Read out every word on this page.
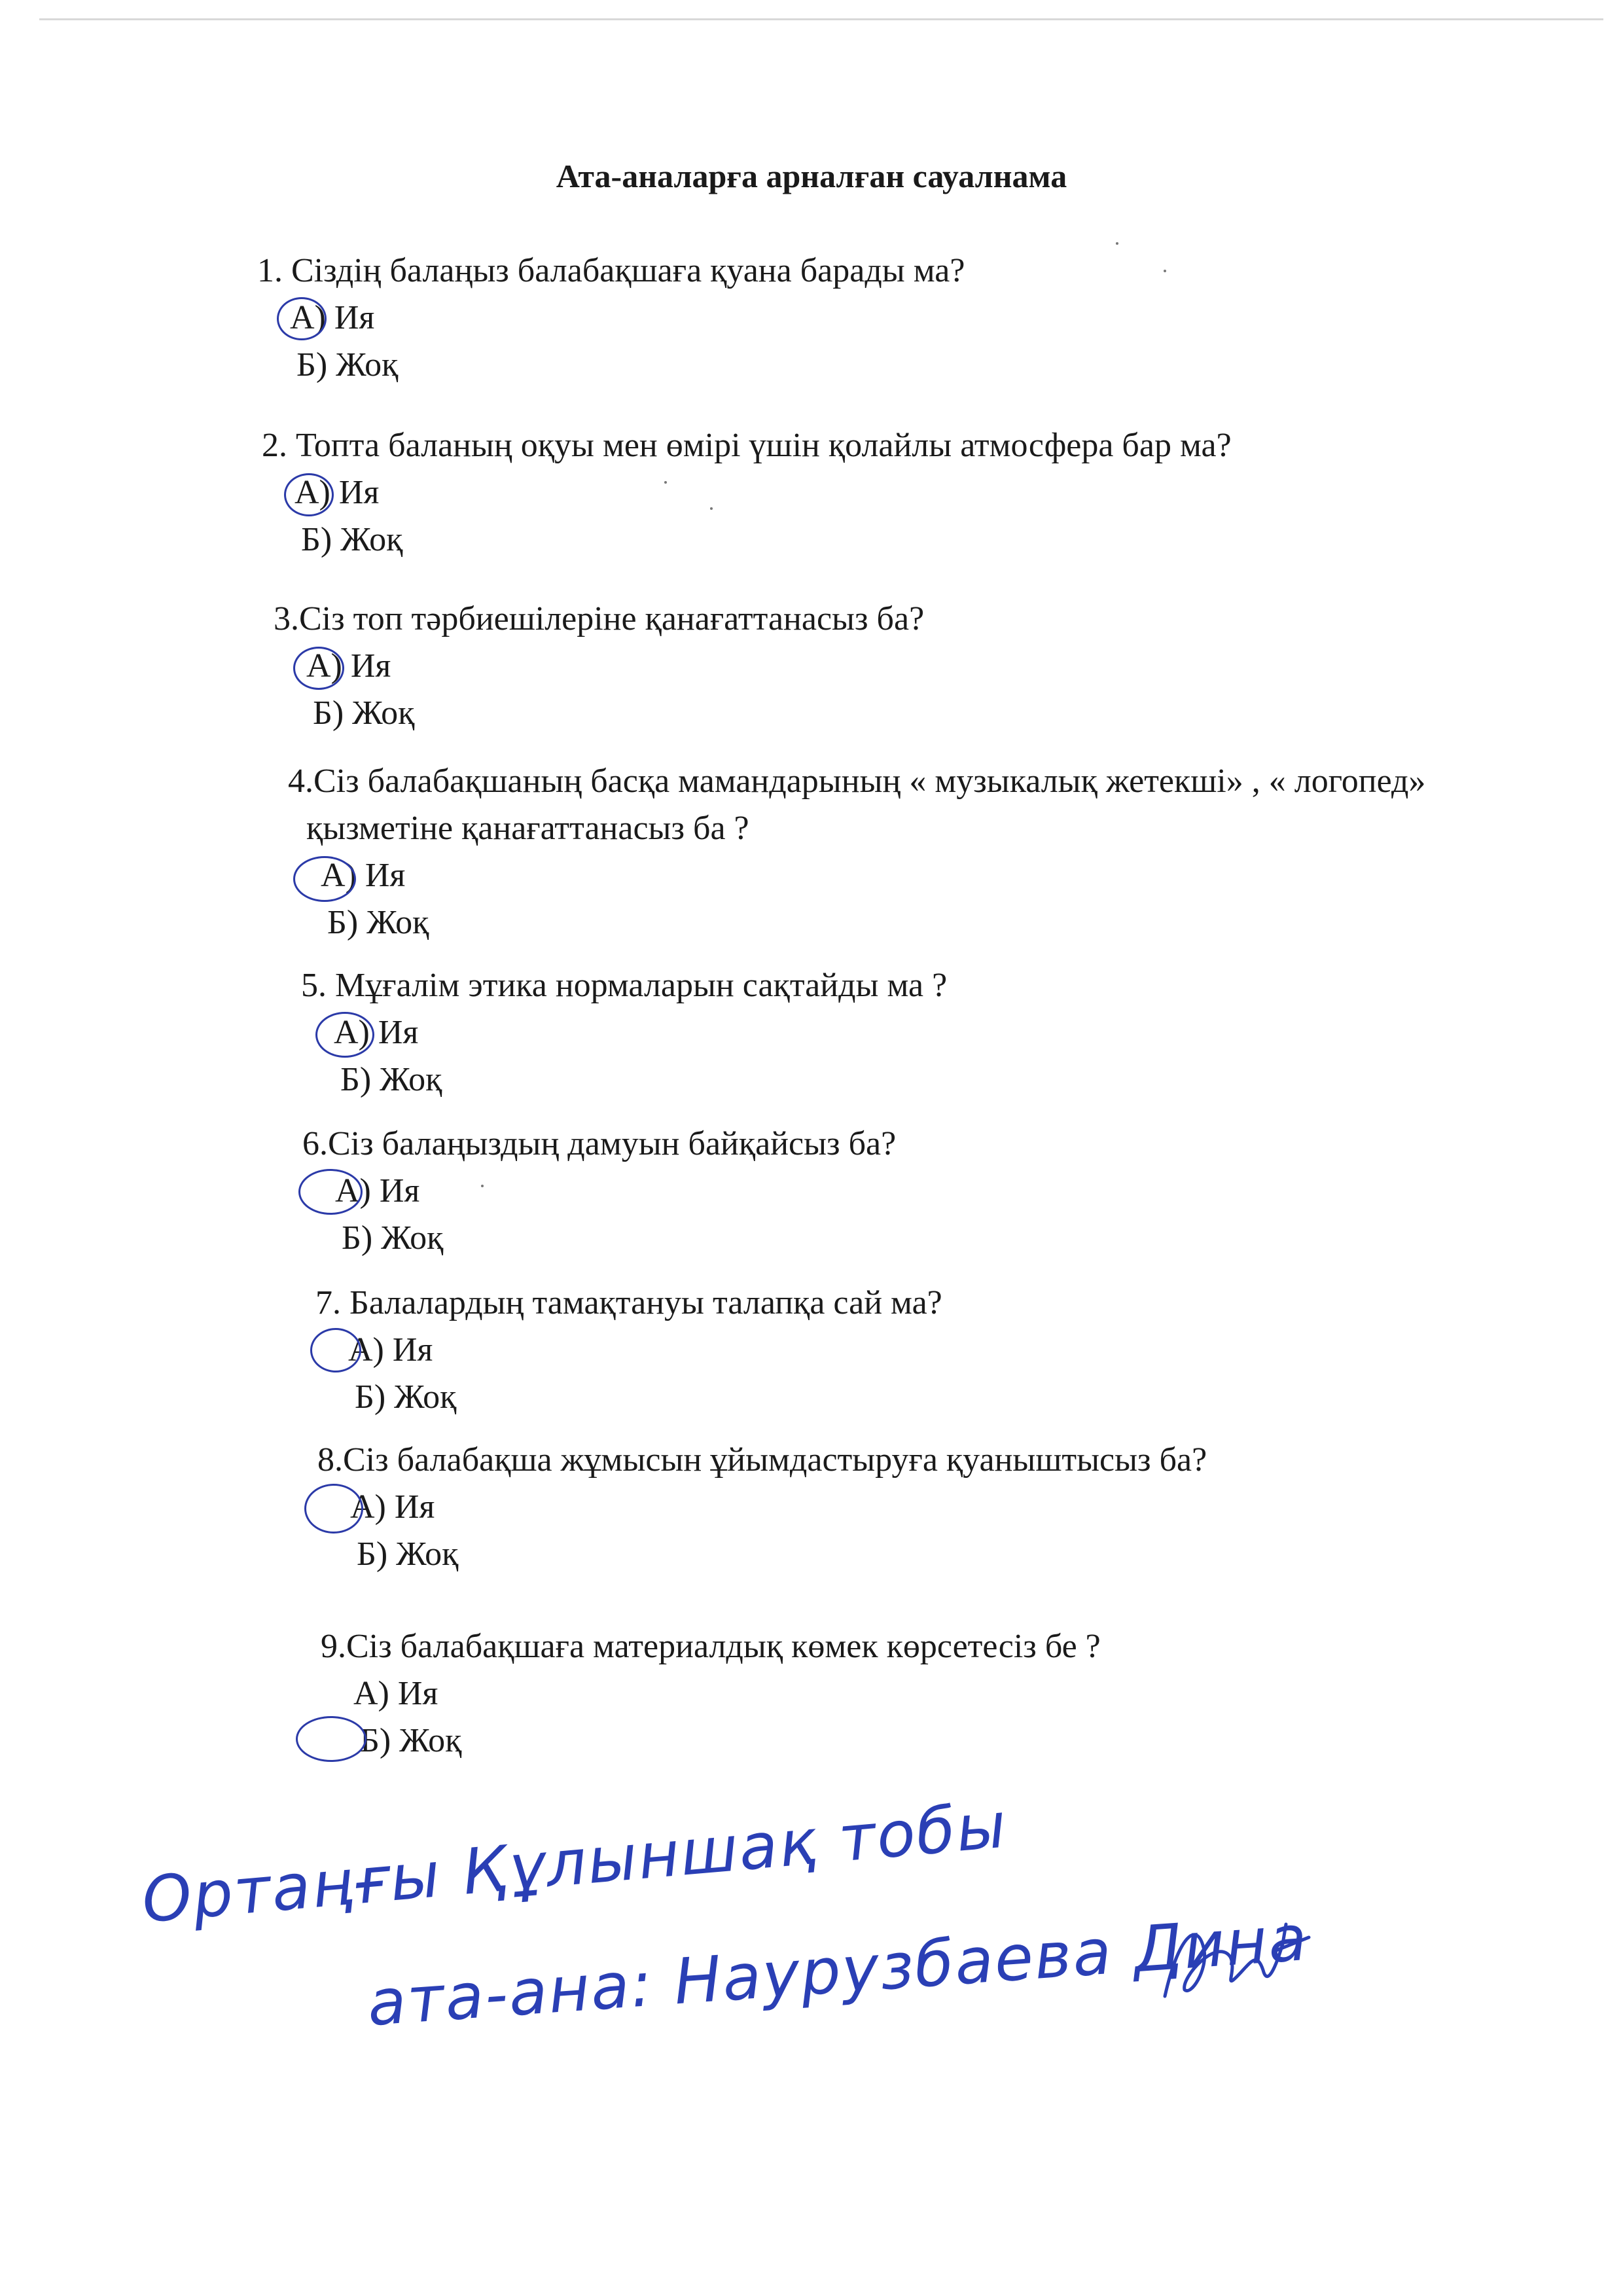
Ата-аналарға арналған сауалнама
1. Сіздің балаңыз балабақшаға қуана барады ма?
А) Ия
Б) Жоқ
2. Топта баланың оқуы мен өмірі үшін қолайлы атмосфера бар ма?
А) Ия
Б) Жоқ
3.Сіз топ тәрбиешілеріне қанағаттанасыз ба?
А) Ия
Б) Жоқ
4.Сіз балабақшаның басқа мамандарының « музыкалық жетекші» , « логопед»
қызметіне қанағаттанасыз ба ?
А) Ия
Б) Жоқ
5. Мұғалім этика нормаларын сақтайды ма ?
А) Ия
Б) Жоқ
6.Сіз балаңыздың дамуын байқайсыз ба?
А) Ия
Б) Жоқ
7. Балалардың тамақтануы талапқа сай ма?
А) Ия
Б) Жоқ
8.Сіз балабақша жұмысын ұйымдастыруға қуаныштысыз ба?
А) Ия
Б) Жоқ
9.Сіз балабақшаға материалдық көмек көрсетесіз бе ?
А) Ия
Б) Жоқ
Ортаңғы Құлыншақ тобы
ата-ана: Наурузбаева Дина
